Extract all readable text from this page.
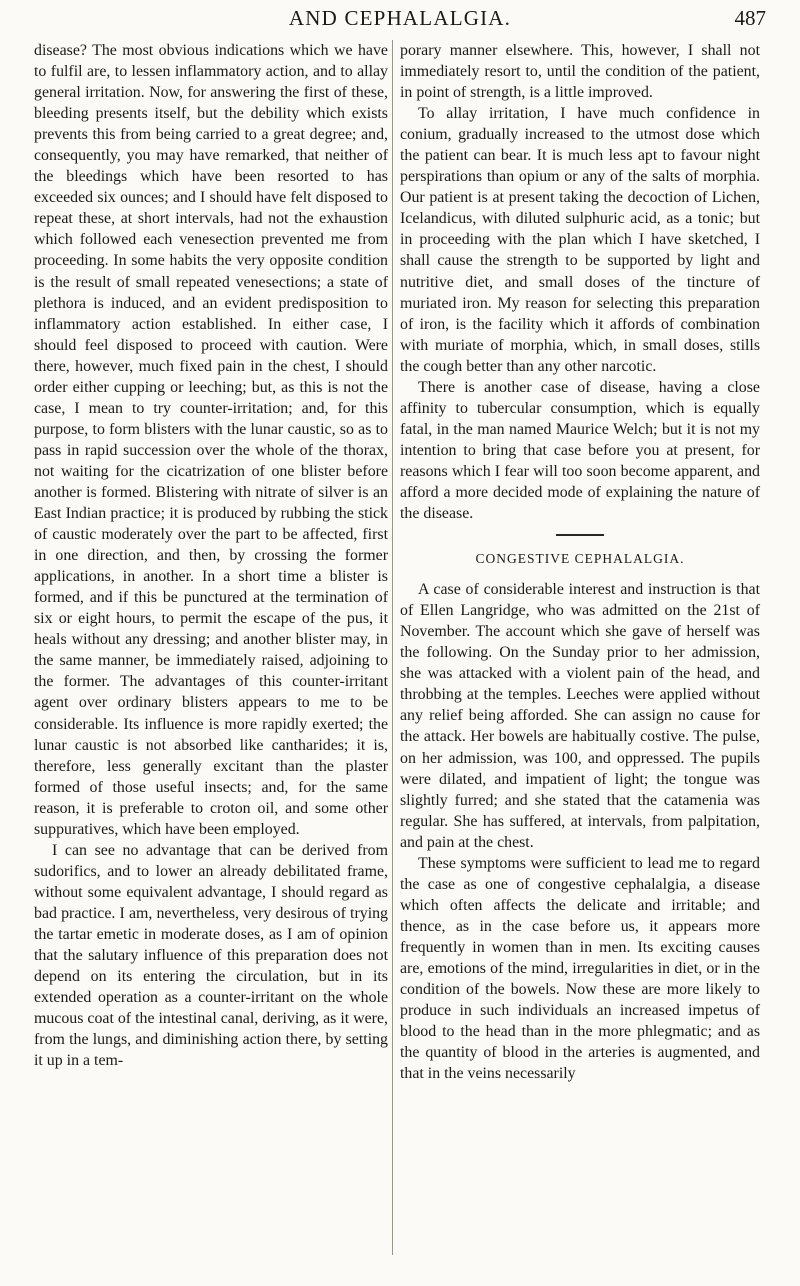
AND CEPHALALGIA.	487

disease? The most obvious indications which we have to fulfil are, to lessen inflammatory action, and to allay general irritation. Now, for answering the first of these, bleeding presents itself, but the debility which exists prevents this from being carried to a great degree; and, consequently, you may have remarked, that neither of the bleedings which have been resorted to has exceeded six ounces; and I should have felt disposed to repeat these, at short intervals, had not the exhaustion which followed each venesection prevented me from proceeding. In some habits the very opposite condition is the result of small repeated venesections; a state of plethora is induced, and an evident predisposition to inflammatory action established. In either case, I should feel disposed to proceed with caution. Were there, however, much fixed pain in the chest, I should order either cupping or leeching; but, as this is not the case, I mean to try counter-irritation; and, for this purpose, to form blisters with the lunar caustic, so as to pass in rapid succession over the whole of the thorax, not waiting for the cicatrization of one blister before another is formed. Blistering with nitrate of silver is an East Indian practice; it is produced by rubbing the stick of caustic moderately over the part to be affected, first in one direction, and then, by crossing the former applications, in another. In a short time a blister is formed, and if this be punctured at the termination of six or eight hours, to permit the escape of the pus, it heals without any dressing; and another blister may, in the same manner, be immediately raised, adjoining to the former. The advantages of this counter-irritant agent over ordinary blisters appears to me to be considerable. Its influence is more rapidly exerted; the lunar caustic is not absorbed like cantharides; it is, therefore, less generally excitant than the plaster formed of those useful insects; and, for the same reason, it is preferable to croton oil, and some other suppuratives, which have been employed.

I can see no advantage that can be derived from sudorifics, and to lower an already debilitated frame, without some equivalent advantage, I should regard as bad practice. I am, nevertheless, very desirous of trying the tartar emetic in moderate doses, as I am of opinion that the salutary influence of this preparation does not depend on its entering the circulation, but in its extended operation as a counter-irritant on the whole mucous coat of the intestinal canal, deriving, as it were, from the lungs, and diminishing action there, by setting it up in a tem-

porary manner elsewhere. This, however, I shall not immediately resort to, until the condition of the patient, in point of strength, is a little improved.

To allay irritation, I have much confidence in conium, gradually increased to the utmost dose which the patient can bear. It is much less apt to favour night perspirations than opium or any of the salts of morphia. Our patient is at present taking the decoction of Lichen, Icelandicus, with diluted sulphuric acid, as a tonic; but in proceeding with the plan which I have sketched, I shall cause the strength to be supported by light and nutritive diet, and small doses of the tincture of muriated iron. My reason for selecting this preparation of iron, is the facility which it affords of combination with muriate of morphia, which, in small doses, stills the cough better than any other narcotic.

There is another case of disease, having a close affinity to tubercular consumption, which is equally fatal, in the man named Maurice Welch; but it is not my intention to bring that case before you at present, for reasons which I fear will too soon become apparent, and afford a more decided mode of explaining the nature of the disease.

CONGESTIVE CEPHALALGIA.

A case of considerable interest and instruction is that of Ellen Langridge, who was admitted on the 21st of November. The account which she gave of herself was the following. On the Sunday prior to her admission, she was attacked with a violent pain of the head, and throbbing at the temples. Leeches were applied without any relief being afforded. She can assign no cause for the attack. Her bowels are habitually costive. The pulse, on her admission, was 100, and oppressed. The pupils were dilated, and impatient of light; the tongue was slightly furred; and she stated that the catamenia was regular. She has suffered, at intervals, from palpitation, and pain at the chest.

These symptoms were sufficient to lead me to regard the case as one of congestive cephalalgia, a disease which often affects the delicate and irritable; and thence, as in the case before us, it appears more frequently in women than in men. Its exciting causes are, emotions of the mind, irregularities in diet, or in the condition of the bowels. Now these are more likely to produce in such individuals an increased impetus of blood to the head than in the more phlegmatic; and as the quantity of blood in the arteries is augmented, and that in the veins necessarily
